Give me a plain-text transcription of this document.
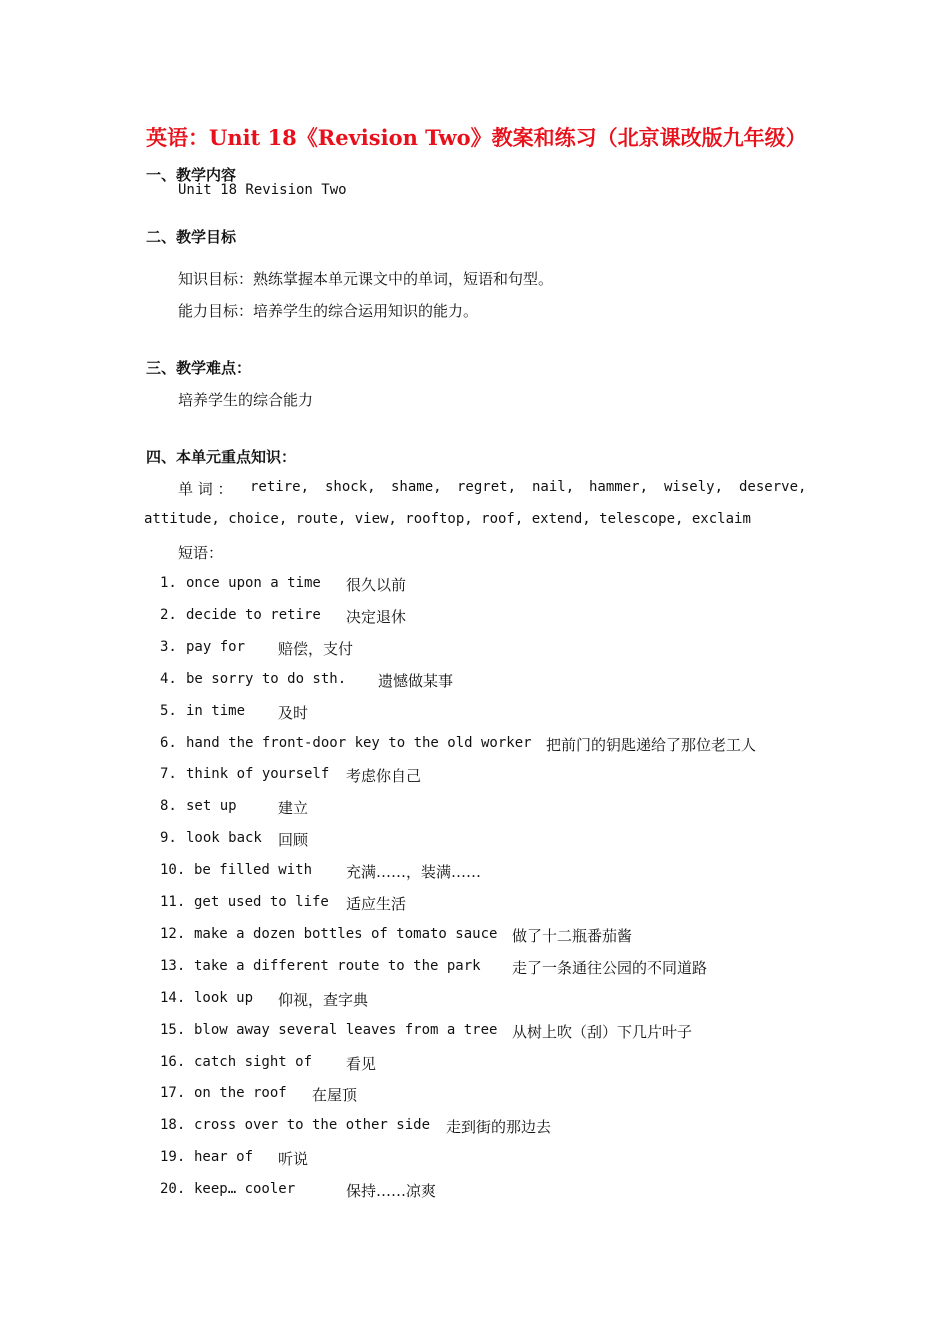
英语：Unit 18《Revision Two》教案和练习（北京课改版九年级）
一、教学内容
Unit 18 Revision Two
二、教学目标
知识目标：熟练掌握本单元课文中的单词，短语和句型。
能力目标：培养学生的综合运用知识的能力。
三、教学难点：
培养学生的综合能力
四、本单元重点知识：
单 词 ： retire, shock, shame, regret, nail, hammer, wisely, deserve,
attitude, choice, route, view, rooftop, roof, extend, telescope, exclaim
短语：
1. once upon a time 很久以前
2. decide to retire 决定退休
3. pay for 赔偿，支付
4. be sorry to do sth. 遗憾做某事
5. in time 及时
6. hand the front-door key to the old worker 把前门的钥匙递给了那位老工人
7. think of yourself 考虑你自己
8. set up	建立
9. look back 回顾
10. be filled with 充满……，装满……
11. get used to life 适应生活
12. make a dozen bottles of tomato sauce 做了十二瓶番茄酱
13. take a different route to the park 走了一条通往公园的不同道路
14. look up 仰视，查字典
15. blow away several leaves from a tree 从树上吹（刮）下几片叶子
16. catch sight of 看见
17. on the roof 在屋顶
18. cross over to the other side 走到街的那边去
19. hear of 听说
20. keep… cooler	保持……凉爽
